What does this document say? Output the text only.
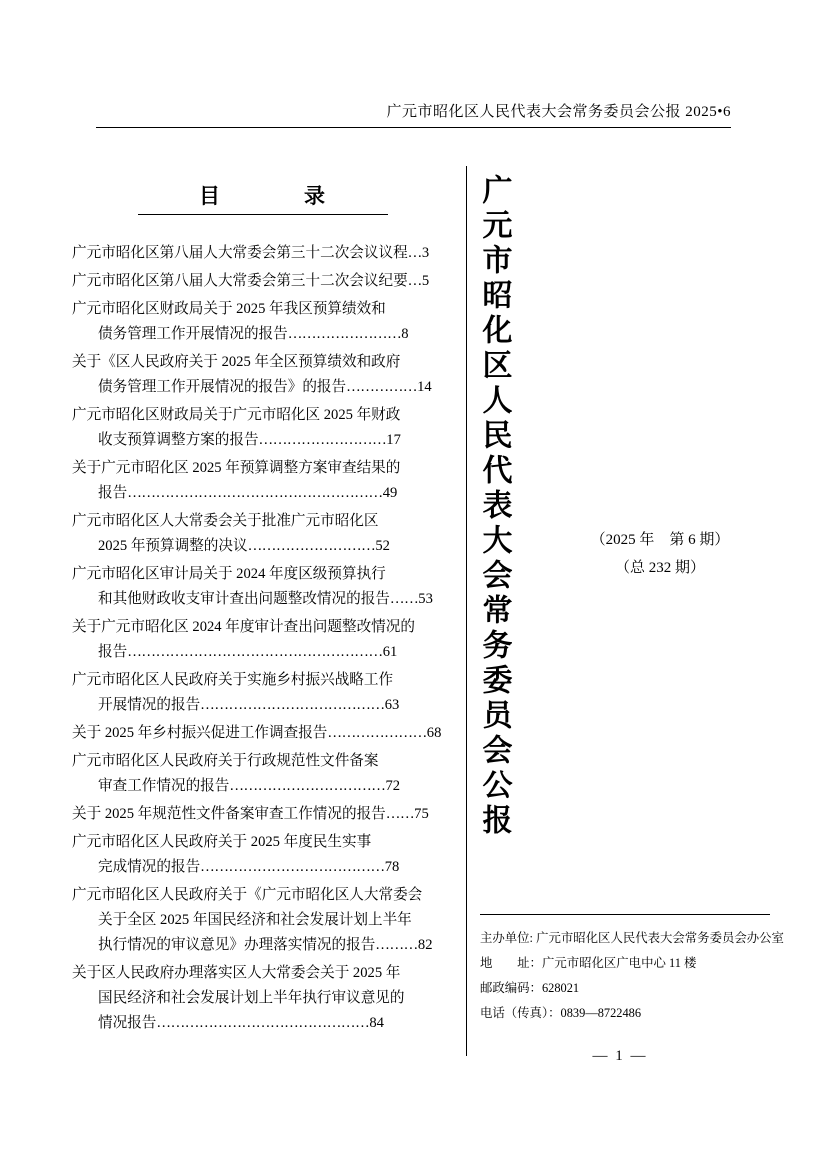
广元市昭化区人民代表大会常务委员会公报 2025•6
目　　录
广元市昭化区第八届人大常委会第三十二次会议议程…3
广元市昭化区第八届人大常委会第三十二次会议纪要…5
广元市昭化区财政局关于 2025 年我区预算绩效和
债务管理工作开展情况的报告……………………8
关于《区人民政府关于 2025 年全区预算绩效和政府
债务管理工作开展情况的报告》的报告……………14
广元市昭化区财政局关于广元市昭化区 2025 年财政
收支预算调整方案的报告………………………17
关于广元市昭化区 2025 年预算调整方案审查结果的
报告………………………………………………49
广元市昭化区人大常委会关于批准广元市昭化区
2025 年预算调整的决议………………………52
广元市昭化区审计局关于 2024 年度区级预算执行
和其他财政收支审计查出问题整改情况的报告……53
关于广元市昭化区 2024 年度审计查出问题整改情况的
报告………………………………………………61
广元市昭化区人民政府关于实施乡村振兴战略工作
开展情况的报告…………………………………63
关于 2025 年乡村振兴促进工作调查报告…………………68
广元市昭化区人民政府关于行政规范性文件备案
审查工作情况的报告……………………………72
关于 2025 年规范性文件备案审查工作情况的报告……75
广元市昭化区人民政府关于 2025 年度民生实事
完成情况的报告…………………………………78
广元市昭化区人民政府关于《广元市昭化区人大常委会
关于全区 2025 年国民经济和社会发展计划上半年
执行情况的审议意见》办理落实情况的报告………82
关于区人民政府办理落实区人大常委会关于 2025 年
国民经济和社会发展计划上半年执行审议意见的
情况报告………………………………………84
广元市昭化区人民代表大会常务委员会公报	（2025 年　第 6 期）
（总 232 期）
主办单位: 广元市昭化区人民代表大会常务委员会办公室
地　　址：广元市昭化区广电中心 11 楼
邮政编码：628021
电话（传真）：0839—8722486
— 1 —
